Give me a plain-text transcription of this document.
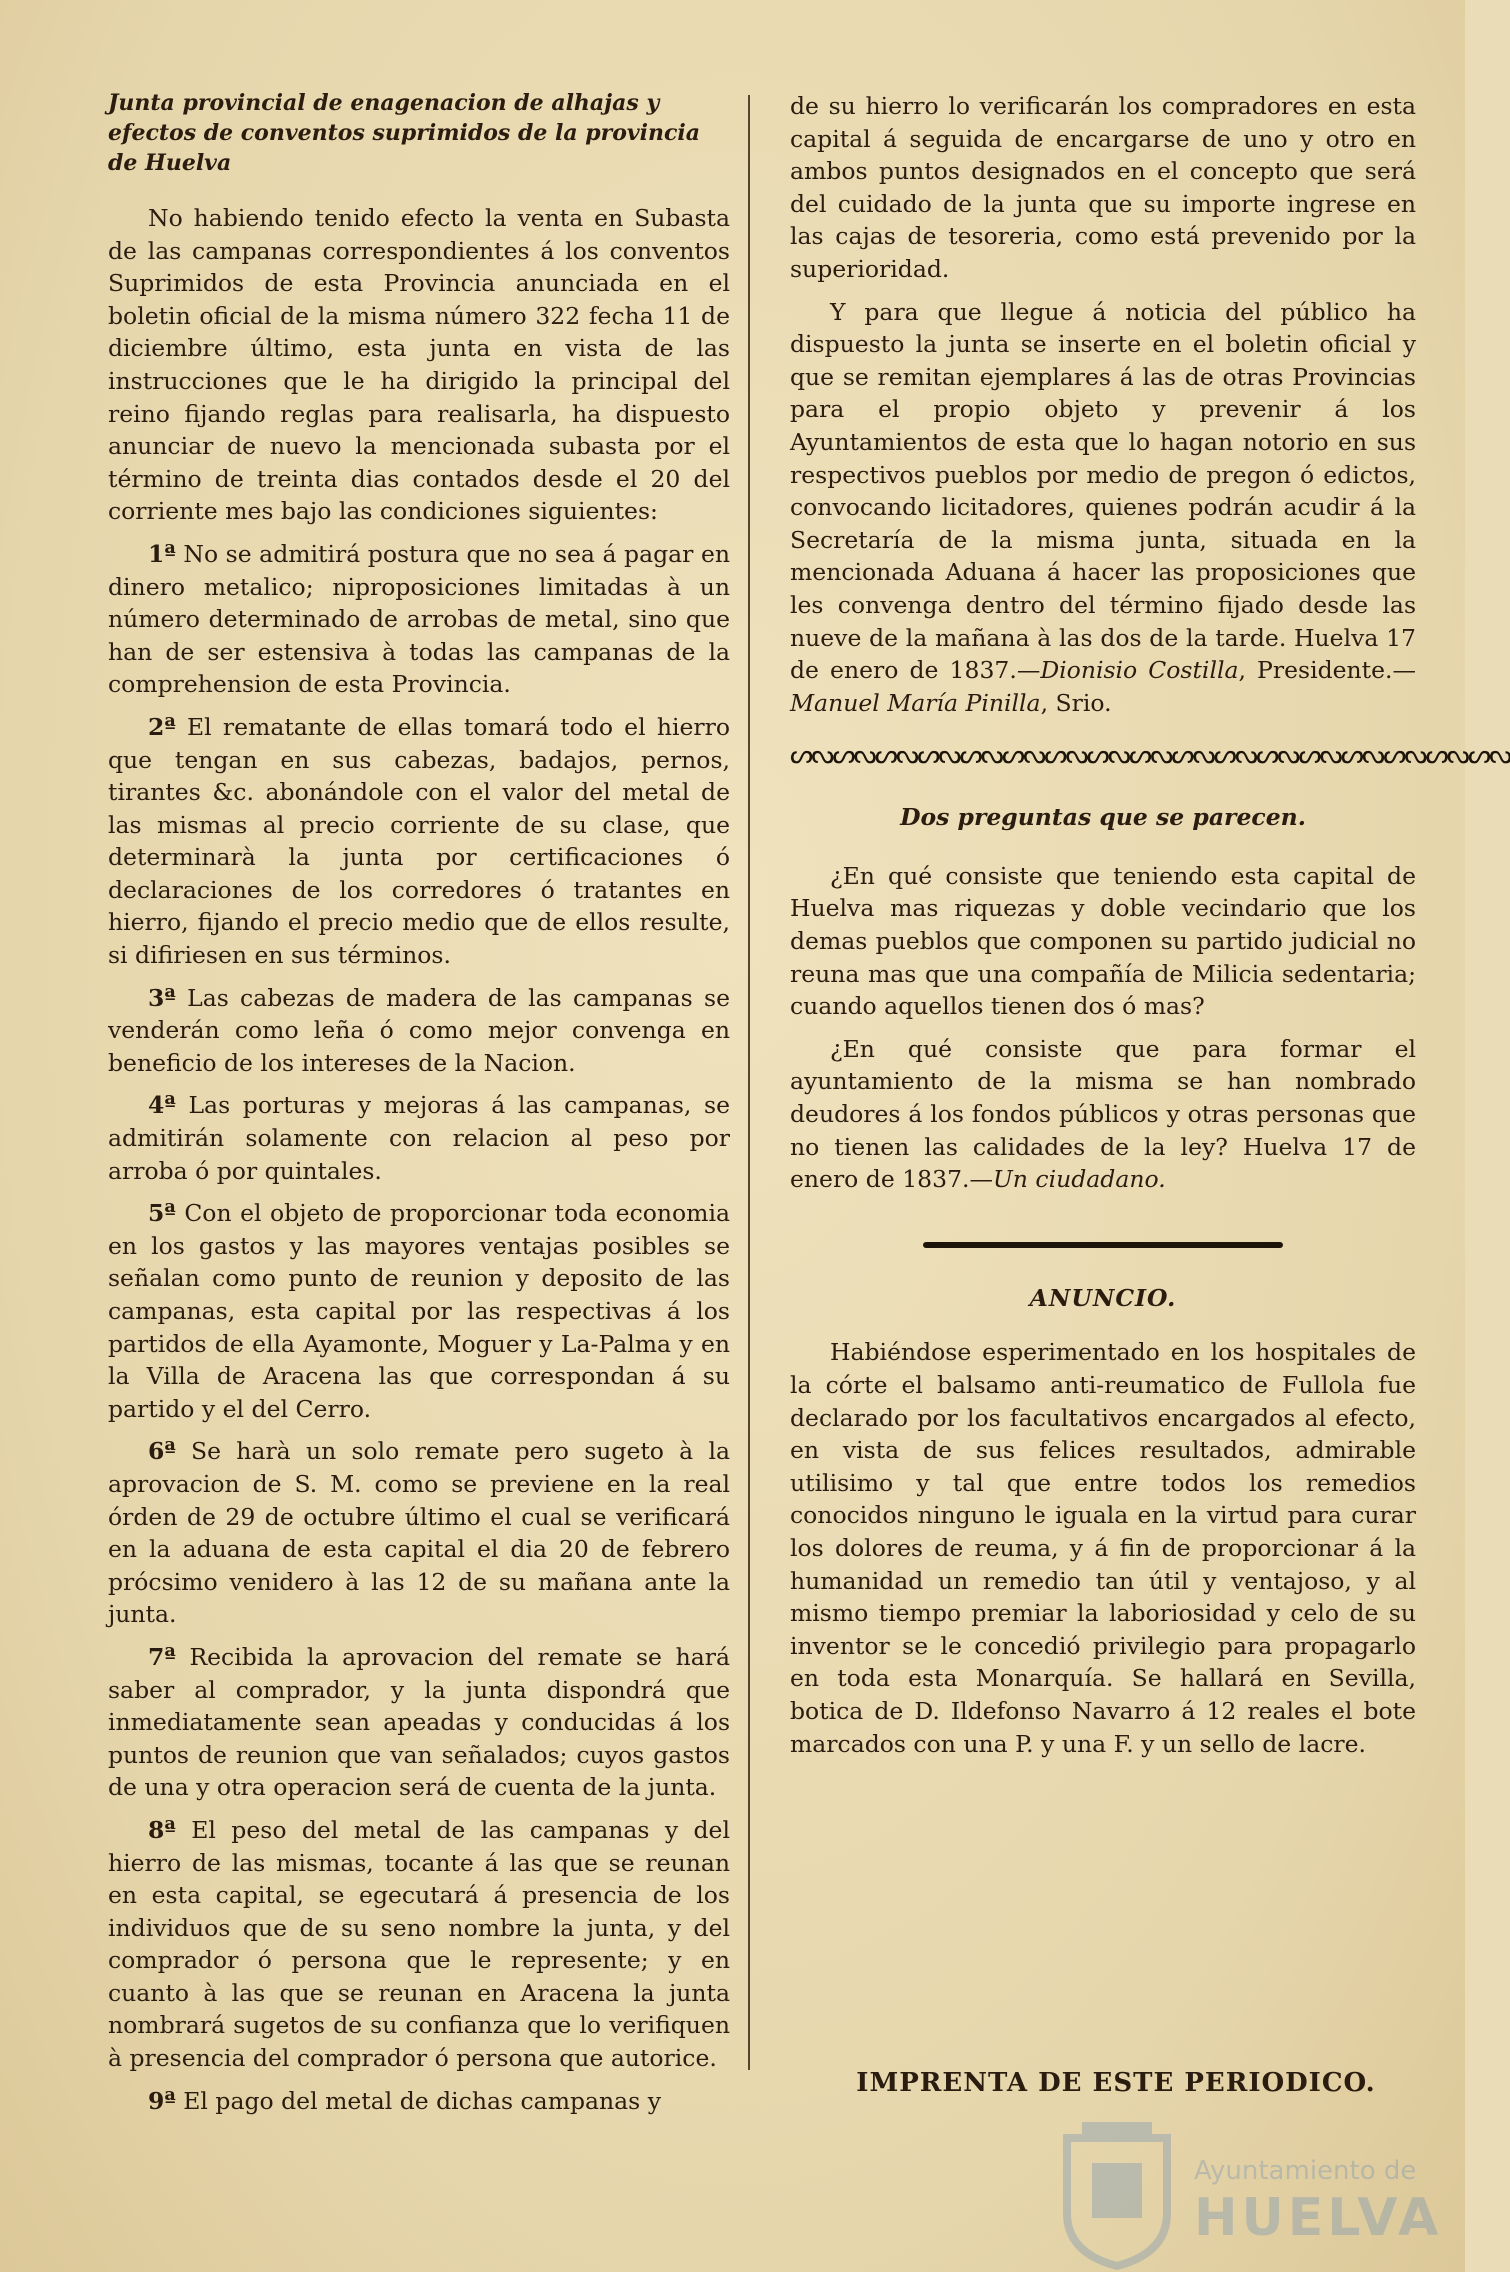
Junta provincial de enagenacion de alhajas y efectos de conventos suprimidos de la provincia de Huelva

No habiendo tenido efecto la venta en Subasta de las campanas correspondientes á los conventos Suprimidos de esta Provincia anunciada en el boletin oficial de la misma número 322 fecha 11 de diciembre último, esta junta en vista de las instrucciones que le ha dirigido la principal del reino fijando reglas para realisarla, ha dispuesto anunciar de nuevo la mencionada subasta por el término de treinta dias contados desde el 20 del corriente mes bajo las condiciones siguientes:

1ª No se admitirá postura que no sea á pagar en dinero metalico; niproposiciones limitadas à un número determinado de arrobas de metal, sino que han de ser estensiva à todas las campanas de la comprehension de esta Provincia.

2ª El rematante de ellas tomará todo el hierro que tengan en sus cabezas, badajos, pernos, tirantes &c. abonándole con el valor del metal de las mismas al precio corriente de su clase, que determinarà la junta por certificaciones ó declaraciones de los corredores ó tratantes en hierro, fijando el precio medio que de ellos resulte, si difiriesen en sus términos.

3ª Las cabezas de madera de las campanas se venderán como leña ó como mejor convenga en beneficio de los intereses de la Nacion.

4ª Las porturas y mejoras á las campanas, se admitirán solamente con relacion al peso por arroba ó por quintales.

5ª Con el objeto de proporcionar toda economia en los gastos y las mayores ventajas posibles se señalan como punto de reunion y deposito de las campanas, esta capital por las respectivas á los partidos de ella Ayamonte, Moguer y La-Palma y en la Villa de Aracena las que correspondan á su partido y el del Cerro.

6ª Se harà un solo remate pero sugeto à la aprovacion de S. M. como se previene en la real órden de 29 de octubre último el cual se verificará en la aduana de esta capital el dia 20 de febrero prócsimo venidero à las 12 de su mañana ante la junta.

7ª Recibida la aprovacion del remate se hará saber al comprador, y la junta dispondrá que inmediatamente sean apeadas y conducidas á los puntos de reunion que van señalados; cuyos gastos de una y otra operacion será de cuenta de la junta.

8ª El peso del metal de las campanas y del hierro de las mismas, tocante á las que se reunan en esta capital, se egecutará á presencia de los individuos que de su seno nombre la junta, y del comprador ó persona que le represente; y en cuanto à las que se reunan en Aracena la junta nombrará sugetos de su confianza que lo verifiquen à presencia del comprador ó persona que autorice.

9ª El pago del metal de dichas campanas y

de su hierro lo verificarán los compradores en esta capital á seguida de encargarse de uno y otro en ambos puntos designados en el concepto que será del cuidado de la junta que su importe ingrese en las cajas de tesoreria, como está prevenido por la superioridad.

Y para que llegue á noticia del público ha dispuesto la junta se inserte en el boletin oficial y que se remitan ejemplares á las de otras Provincias para el propio objeto y prevenir á los Ayuntamientos de esta que lo hagan notorio en sus respectivos pueblos por medio de pregon ó edictos, convocando licitadores, quienes podrán acudir á la Secretaría de la misma junta, situada en la mencionada Aduana á hacer las proposiciones que les convenga dentro del término fijado desde las nueve de la mañana à las dos de la tarde. Huelva 17 de enero de 1837.—Dionisio Costilla, Presidente.—Manuel María Pinilla, Srio.

ᔕᔓᔕᔓᔕᔓᔕᔓᔕᔓᔕᔓᔕᔓᔕᔓᔕᔓᔕᔓᔕᔓᔕᔓᔕᔓᔕᔓᔕᔓᔕᔓᔕᔓ

Dos preguntas que se parecen.

¿En qué consiste que teniendo esta capital de Huelva mas riquezas y doble vecindario que los demas pueblos que componen su partido judicial no reuna mas que una compañía de Milicia sedentaria; cuando aquellos tienen dos ó mas?

¿En qué consiste que para formar el ayuntamiento de la misma se han nombrado deudores á los fondos públicos y otras personas que no tienen las calidades de la ley? Huelva 17 de enero de 1837.—Un ciudadano.

ANUNCIO.

Habiéndose esperimentado en los hospitales de la córte el balsamo anti-reumatico de Fullola fue declarado por los facultativos encargados al efecto, en vista de sus felices resultados, admirable utilisimo y tal que entre todos los remedios conocidos ninguno le iguala en la virtud para curar los dolores de reuma, y á fin de proporcionar á la humanidad un remedio tan útil y ventajoso, y al mismo tiempo premiar la laboriosidad y celo de su inventor se le concedió privilegio para propagarlo en toda esta Monarquía. Se hallará en Sevilla, botica de D. Ildefonso Navarro á 12 reales el bote marcados con una P. y una F. y un sello de lacre.

IMPRENTA DE ESTE PERIODICO.
Ayuntamiento de
HUELVA
